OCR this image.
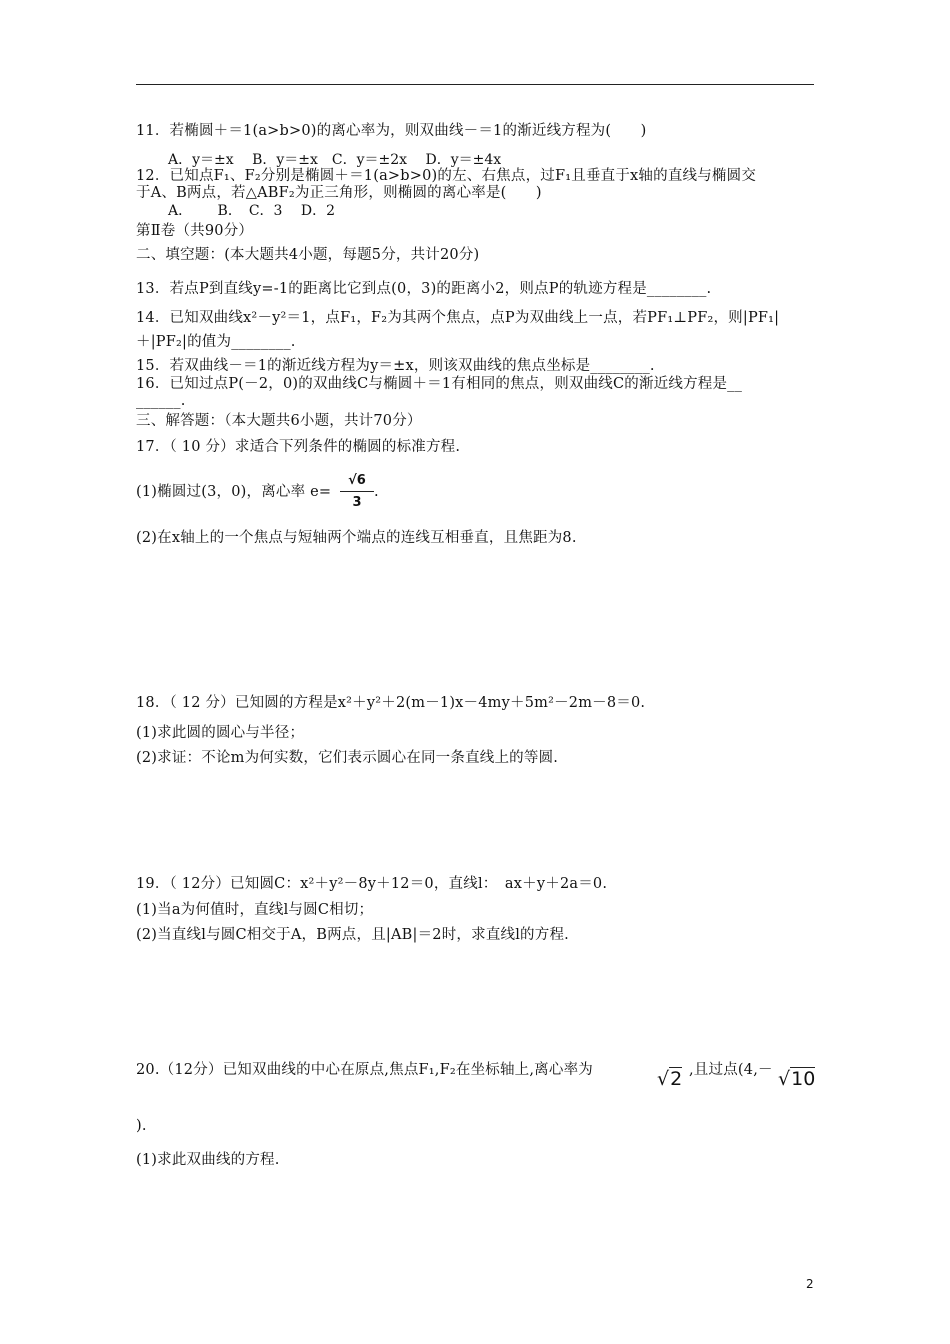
11．若椭圆＋＝1(a>b>0)的离心率为，则双曲线－＝1的渐近线方程为(　　)
A．y＝±x　 B．y＝±x　C．y＝±2x　 D．y＝±4x
12．已知点F₁、F₂分别是椭圆＋＝1(a>b>0)的左、右焦点，过F₁且垂直于x轴的直线与椭圆交
于A、B两点，若△ABF₂为正三角形，则椭圆的离心率是(　　)
A．　　 B．　C．3　 D．2
第Ⅱ卷（共90分）
二、填空题：(本大题共4小题，每题5分，共计20分)
13．若点P到直线y=-1的距离比它到点(0，3)的距离小2，则点P的轨迹方程是________.
14．已知双曲线x²－y²＝1，点F₁，F₂为其两个焦点，点P为双曲线上一点，若PF₁⊥PF₂，则|PF₁|
＋|PF₂|的值为________.
15．若双曲线－＝1的渐近线方程为y＝±x，则该双曲线的焦点坐标是________.
16．已知过点P(－2，0)的双曲线C与椭圆＋＝1有相同的焦点，则双曲线C的渐近线方程是__
______.
三、解答题：（本大题共6小题，共计70分）
17．（ 10 分）求适合下列条件的椭圆的标准方程.
(1)椭圆过(3，0)，离心率 $e= \frac{√6}{3}$ .
(2)在x轴上的一个焦点与短轴两个端点的连线互相垂直，且焦距为8.
18．（ 12 分）已知圆的方程是x²＋y²＋2(m－1)x－4my＋5m²－2m－8＝0.
(1)求此圆的圆心与半径；
(2)求证：不论m为何实数，它们表示圆心在同一条直线上的等圆.
19．（ 12分）已知圆C：x²＋y²－8y＋12＝0，直线l：　ax＋y＋2a＝0.
(1)当a为何值时，直线l与圆C相切；
(2)当直线l与圆C相交于A，B两点，且|AB|＝2时，求直线l的方程.
20.（12分）已知双曲线的中心在原点,焦点F₁,F₂在坐标轴上,离心率为	√2 ,且过点(4,－ √10
).
(1)求此双曲线的方程.
2
